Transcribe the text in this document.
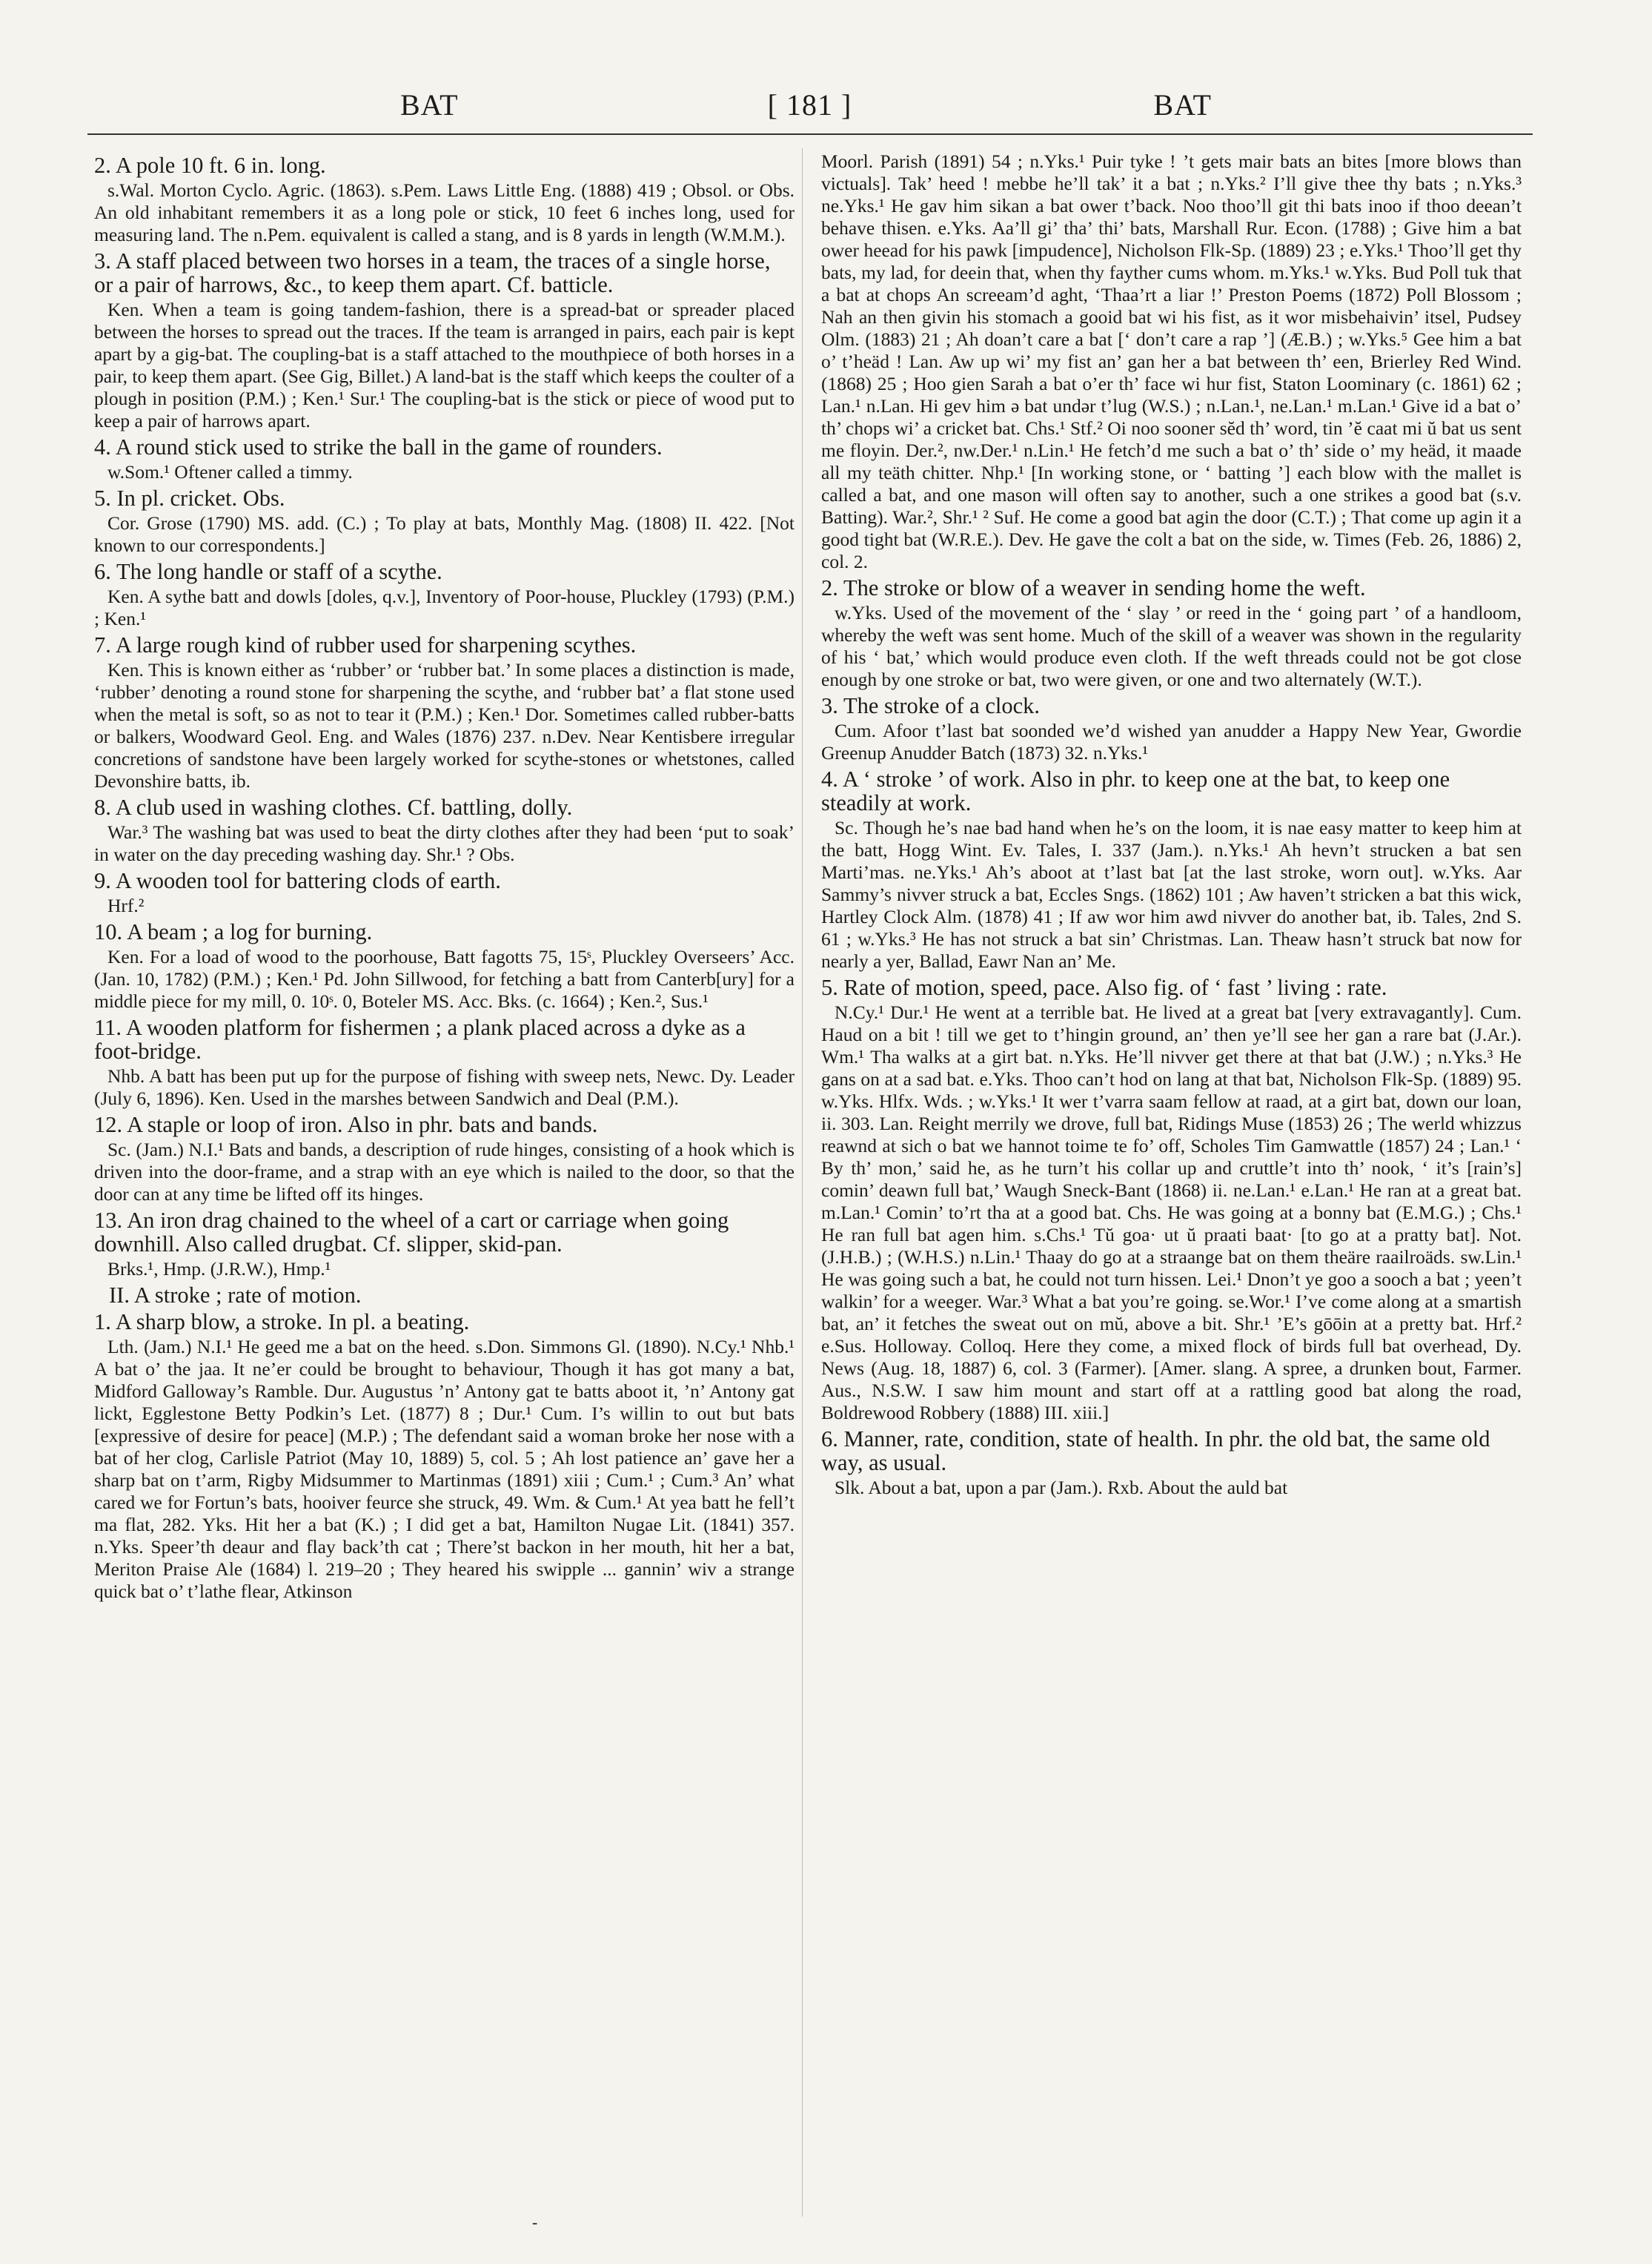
BAT	[ 181 ]	BAT
2. A pole 10 ft. 6 in. long.
s.Wal. Morton Cyclo. Agric. (1863). s.Pem. Laws Little Eng. (1888) 419 ; Obsol. or Obs. An old inhabitant remembers it as a long pole or stick, 10 feet 6 inches long, used for measuring land. The n.Pem. equivalent is called a stang, and is 8 yards in length (W.M.M.).
3. A staff placed between two horses in a team, the traces of a single horse, or a pair of harrows, &c., to keep them apart. Cf. batticle.
Ken. When a team is going tandem-fashion, there is a spread-bat or spreader placed between the horses to spread out the traces. If the team is arranged in pairs, each pair is kept apart by a gig-bat. The coupling-bat is a staff attached to the mouthpiece of both horses in a pair, to keep them apart. (See Gig, Billet.) A land-bat is the staff which keeps the coulter of a plough in position (P.M.) ; Ken.¹ Sur.¹ The coupling-bat is the stick or piece of wood put to keep a pair of harrows apart.
4. A round stick used to strike the ball in the game of rounders.
w.Som.¹ Oftener called a timmy.
5. In pl. cricket. Obs.
Cor. Grose (1790) MS. add. (C.) ; To play at bats, Monthly Mag. (1808) II. 422. [Not known to our correspondents.]
6. The long handle or staff of a scythe.
Ken. A sythe batt and dowls [doles, q.v.], Inventory of Poor-house, Pluckley (1793) (P.M.) ; Ken.¹
7. A large rough kind of rubber used for sharpening scythes.
Ken. This is known either as ‘rubber’ or ‘rubber bat.’ In some places a distinction is made, ‘rubber’ denoting a round stone for sharpening the scythe, and ‘rubber bat’ a flat stone used when the metal is soft, so as not to tear it (P.M.) ; Ken.¹ Dor. Sometimes called rubber-batts or balkers, Woodward Geol. Eng. and Wales (1876) 237. n.Dev. Near Kentisbere irregular concretions of sandstone have been largely worked for scythe-stones or whetstones, called Devonshire batts, ib.
8. A club used in washing clothes. Cf. battling, dolly.
War.³ The washing bat was used to beat the dirty clothes after they had been ‘put to soak’ in water on the day preceding washing day. Shr.¹ ? Obs.
9. A wooden tool for battering clods of earth.
Hrf.²
10. A beam ; a log for burning.
Ken. For a load of wood to the poorhouse, Batt fagotts 75, 15ˢ, Pluckley Overseers’ Acc. (Jan. 10, 1782) (P.M.) ; Ken.¹ Pd. John Sillwood, for fetching a batt from Canterb[ury] for a middle piece for my mill, 0. 10ˢ. 0, Boteler MS. Acc. Bks. (c. 1664) ; Ken.², Sus.¹
11. A wooden platform for fishermen ; a plank placed across a dyke as a foot-bridge.
Nhb. A batt has been put up for the purpose of fishing with sweep nets, Newc. Dy. Leader (July 6, 1896). Ken. Used in the marshes between Sandwich and Deal (P.M.).
12. A staple or loop of iron. Also in phr. bats and bands.
Sc. (Jam.) N.I.¹ Bats and bands, a description of rude hinges, consisting of a hook which is driven into the door-frame, and a strap with an eye which is nailed to the door, so that the door can at any time be lifted off its hinges.
13. An iron drag chained to the wheel of a cart or carriage when going downhill. Also called drugbat. Cf. slipper, skid-pan.
Brks.¹, Hmp. (J.R.W.), Hmp.¹
II. A stroke ; rate of motion.
1. A sharp blow, a stroke. In pl. a beating.
Lth. (Jam.) N.I.¹ He geed me a bat on the heed. s.Don. Simmons Gl. (1890). N.Cy.¹ Nhb.¹ A bat o’ the jaa. It ne’er could be brought to behaviour, Though it has got many a bat, Midford Galloway’s Ramble. Dur. Augustus ’n’ Antony gat te batts aboot it, ’n’ Antony gat lickt, Egglestone Betty Podkin’s Let. (1877) 8 ; Dur.¹ Cum. I’s willin to out but bats [expressive of desire for peace] (M.P.) ; The defendant said a woman broke her nose with a bat of her clog, Carlisle Patriot (May 10, 1889) 5, col. 5 ; Ah lost patience an’ gave her a sharp bat on t’arm, Rigby Midsummer to Martinmas (1891) xiii ; Cum.¹ ; Cum.³ An’ what cared we for Fortun’s bats, hooiver feurce she struck, 49. Wm. & Cum.¹ At yea batt he fell’t ma flat, 282. Yks. Hit her a bat (K.) ; I did get a bat, Hamilton Nugae Lit. (1841) 357. n.Yks. Speer’th deaur and flay back’th cat ; There’st backon in her mouth, hit her a bat, Meriton Praise Ale (1684) l. 219–20 ; They heared his swipple ... gannin’ wiv a strange quick bat o’ t’lathe flear, Atkinson
Moorl. Parish (1891) 54 ; n.Yks.¹ Puir tyke ! ’t gets mair bats an bites [more blows than victuals]. Tak’ heed ! mebbe he’ll tak’ it a bat ; n.Yks.² I’ll give thee thy bats ; n.Yks.³ ne.Yks.¹ He gav him sikan a bat ower t’back. Noo thoo’ll git thi bats inoo if thoo deean’t behave thisen. e.Yks. Aa’ll gi’ tha’ thi’ bats, Marshall Rur. Econ. (1788) ; Give him a bat ower heead for his pawk [impudence], Nicholson Flk-Sp. (1889) 23 ; e.Yks.¹ Thoo’ll get thy bats, my lad, for deein that, when thy fayther cums whom. m.Yks.¹ w.Yks. Bud Poll tuk that a bat at chops An screeam’d aght, ‘Thaa’rt a liar !’ Preston Poems (1872) Poll Blossom ; Nah an then givin his stomach a gooid bat wi his fist, as it wor misbehaivin’ itsel, Pudsey Olm. (1883) 21 ; Ah doan’t care a bat [‘ don’t care a rap ’] (Æ.B.) ; w.Yks.⁵ Gee him a bat o’ t’heäd ! Lan. Aw up wi’ my fist an’ gan her a bat between th’ een, Brierley Red Wind. (1868) 25 ; Hoo gien Sarah a bat o’er th’ face wi hur fist, Staton Loominary (c. 1861) 62 ; Lan.¹ n.Lan. Hi gev him ə bat undər t’lug (W.S.) ; n.Lan.¹, ne.Lan.¹ m.Lan.¹ Give id a bat o’ th’ chops wi’ a cricket bat. Chs.¹ Stf.² Oi noo sooner sĕd th’ word, tin ’ĕ caat mi ŭ bat us sent me floyin. Der.², nw.Der.¹ n.Lin.¹ He fetch’d me such a bat o’ th’ side o’ my heäd, it maade all my teäth chitter. Nhp.¹ [In working stone, or ‘ batting ’] each blow with the mallet is called a bat, and one mason will often say to another, such a one strikes a good bat (s.v. Batting). War.², Shr.¹ ² Suf. He come a good bat agin the door (C.T.) ; That come up agin it a good tight bat (W.R.E.). Dev. He gave the colt a bat on the side, w. Times (Feb. 26, 1886) 2, col. 2.
2. The stroke or blow of a weaver in sending home the weft.
w.Yks. Used of the movement of the ‘ slay ’ or reed in the ‘ going part ’ of a handloom, whereby the weft was sent home. Much of the skill of a weaver was shown in the regularity of his ‘ bat,’ which would produce even cloth. If the weft threads could not be got close enough by one stroke or bat, two were given, or one and two alternately (W.T.).
3. The stroke of a clock.
Cum. Afoor t’last bat soonded we’d wished yan anudder a Happy New Year, Gwordie Greenup Anudder Batch (1873) 32. n.Yks.¹
4. A ‘ stroke ’ of work. Also in phr. to keep one at the bat, to keep one steadily at work.
Sc. Though he’s nae bad hand when he’s on the loom, it is nae easy matter to keep him at the batt, Hogg Wint. Ev. Tales, I. 337 (Jam.). n.Yks.¹ Ah hevn’t strucken a bat sen Marti’mas. ne.Yks.¹ Ah’s aboot at t’last bat [at the last stroke, worn out]. w.Yks. Aar Sammy’s nivver struck a bat, Eccles Sngs. (1862) 101 ; Aw haven’t stricken a bat this wick, Hartley Clock Alm. (1878) 41 ; If aw wor him awd nivver do another bat, ib. Tales, 2nd S. 61 ; w.Yks.³ He has not struck a bat sin’ Christmas. Lan. Theaw hasn’t struck bat now for nearly a yer, Ballad, Eawr Nan an’ Me.
5. Rate of motion, speed, pace. Also fig. of ‘ fast ’ living : rate.
N.Cy.¹ Dur.¹ He went at a terrible bat. He lived at a great bat [very extravagantly]. Cum. Haud on a bit ! till we get to t’hingin ground, an’ then ye’ll see her gan a rare bat (J.Ar.). Wm.¹ Tha walks at a girt bat. n.Yks. He’ll nivver get there at that bat (J.W.) ; n.Yks.³ He gans on at a sad bat. e.Yks. Thoo can’t hod on lang at that bat, Nicholson Flk-Sp. (1889) 95. w.Yks. Hlfx. Wds. ; w.Yks.¹ It wer t’varra saam fellow at raad, at a girt bat, down our loan, ii. 303. Lan. Reight merrily we drove, full bat, Ridings Muse (1853) 26 ; The werld whizzus reawnd at sich o bat we hannot toime te fo’ off, Scholes Tim Gamwattle (1857) 24 ; Lan.¹ ‘ By th’ mon,’ said he, as he turn’t his collar up and cruttle’t into th’ nook, ‘ it’s [rain’s] comin’ deawn full bat,’ Waugh Sneck-Bant (1868) ii. ne.Lan.¹ e.Lan.¹ He ran at a great bat. m.Lan.¹ Comin’ to’rt tha at a good bat. Chs. He was going at a bonny bat (E.M.G.) ; Chs.¹ He ran full bat agen him. s.Chs.¹ Tŭ goa· ut ŭ praati baat· [to go at a pratty bat]. Not. (J.H.B.) ; (W.H.S.) n.Lin.¹ Thaay do go at a straange bat on them theäre raailroäds. sw.Lin.¹ He was going such a bat, he could not turn hissen. Lei.¹ Dnon’t ye goo a sooch a bat ; yeen’t walkin’ for a weeger. War.³ What a bat you’re going. se.Wor.¹ I’ve come along at a smartish bat, an’ it fetches the sweat out on mŭ, above a bit. Shr.¹ ’E’s gōōin at a pretty bat. Hrf.² e.Sus. Holloway. Colloq. Here they come, a mixed flock of birds full bat overhead, Dy. News (Aug. 18, 1887) 6, col. 3 (Farmer). [Amer. slang. A spree, a drunken bout, Farmer. Aus., N.S.W. I saw him mount and start off at a rattling good bat along the road, Boldrewood Robbery (1888) III. xiii.]
6. Manner, rate, condition, state of health. In phr. the old bat, the same old way, as usual.
Slk. About a bat, upon a par (Jam.). Rxb. About the auld bat
-
